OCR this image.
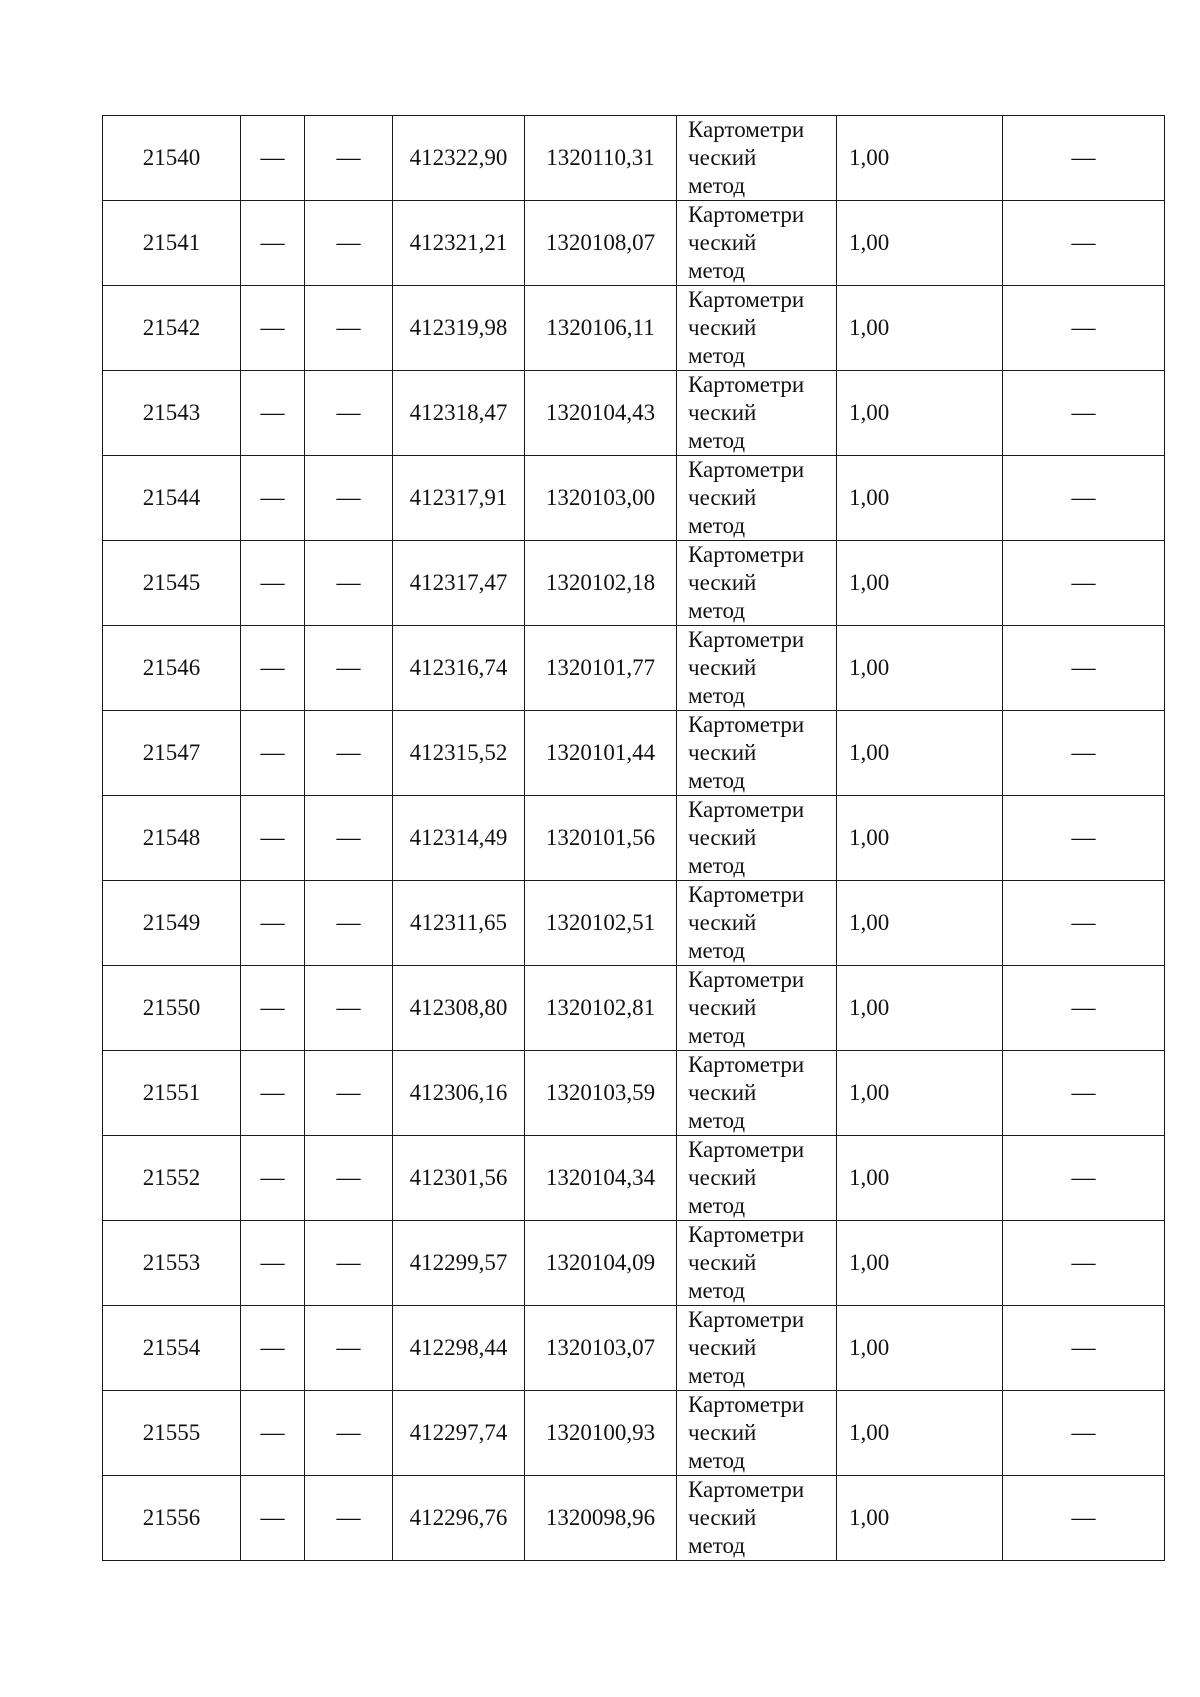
21540	—	—	412322,90	1320110,31	Картометри
ческий
метод	1,00	—
21541	—	—	412321,21	1320108,07	Картометри
ческий
метод	1,00	—
21542	—	—	412319,98	1320106,11	Картометри
ческий
метод	1,00	—
21543	—	—	412318,47	1320104,43	Картометри
ческий
метод	1,00	—
21544	—	—	412317,91	1320103,00	Картометри
ческий
метод	1,00	—
21545	—	—	412317,47	1320102,18	Картометри
ческий
метод	1,00	—
21546	—	—	412316,74	1320101,77	Картометри
ческий
метод	1,00	—
21547	—	—	412315,52	1320101,44	Картометри
ческий
метод	1,00	—
21548	—	—	412314,49	1320101,56	Картометри
ческий
метод	1,00	—
21549	—	—	412311,65	1320102,51	Картометри
ческий
метод	1,00	—
21550	—	—	412308,80	1320102,81	Картометри
ческий
метод	1,00	—
21551	—	—	412306,16	1320103,59	Картометри
ческий
метод	1,00	—
21552	—	—	412301,56	1320104,34	Картометри
ческий
метод	1,00	—
21553	—	—	412299,57	1320104,09	Картометри
ческий
метод	1,00	—
21554	—	—	412298,44	1320103,07	Картометри
ческий
метод	1,00	—
21555	—	—	412297,74	1320100,93	Картометри
ческий
метод	1,00	—
21556	—	—	412296,76	1320098,96	Картометри
ческий
метод	1,00	—
